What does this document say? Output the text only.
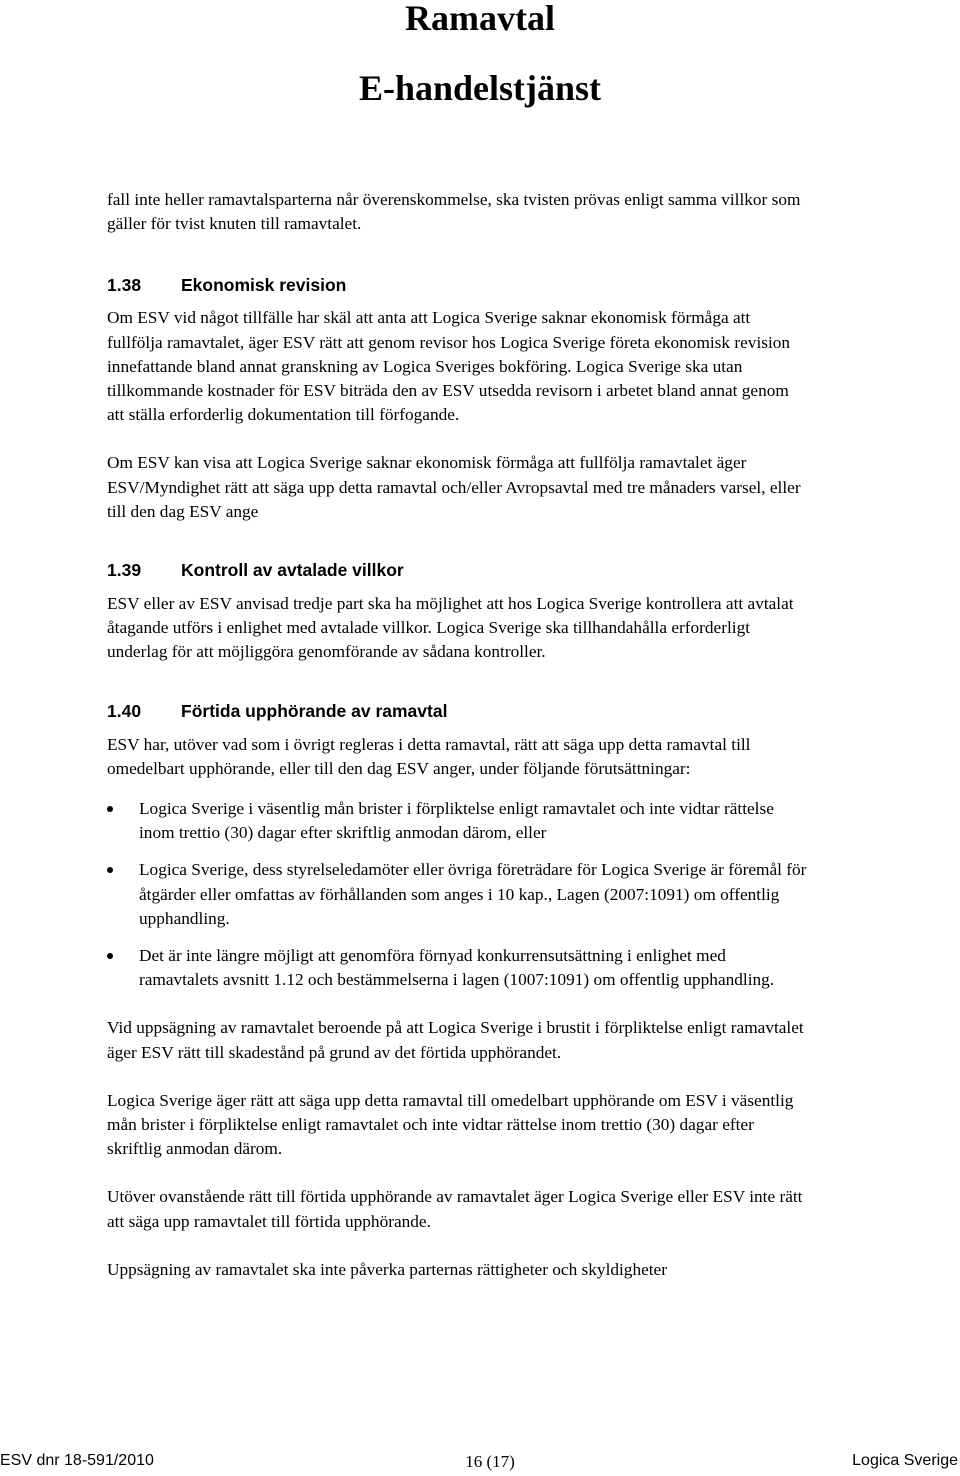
Ramavtal
E-handelstjänst

fall inte heller ramavtalsparterna når överenskommelse, ska tvisten prövas enligt samma villkor som gäller för tvist knuten till ramavtalet.

1.38	Ekonomisk revision

Om ESV vid något tillfälle har skäl att anta att Logica Sverige saknar ekonomisk förmåga att fullfölja ramavtalet, äger ESV rätt att genom revisor hos Logica Sverige företa ekonomisk revision innefattande bland annat granskning av Logica Sveriges bokföring. Logica Sverige ska utan tillkommande kostnader för ESV biträda den av ESV utsedda revisorn i arbetet bland annat genom att ställa erforderlig dokumentation till förfogande.

Om ESV kan visa att Logica Sverige saknar ekonomisk förmåga att fullfölja ramavtalet äger ESV/Myndighet rätt att säga upp detta ramavtal och/eller Avropsavtal med tre månaders varsel, eller till den dag ESV ange

1.39	Kontroll av avtalade villkor

ESV eller av ESV anvisad tredje part ska ha möjlighet att hos Logica Sverige kontrollera att avtalat åtagande utförs i enlighet med avtalade villkor. Logica Sverige ska tillhandahålla erforderligt underlag för att möjliggöra genomförande av sådana kontroller.

1.40	Förtida upphörande av ramavtal

ESV har, utöver vad som i övrigt regleras i detta ramavtal, rätt att säga upp detta ramavtal till omedelbart upphörande, eller till den dag ESV anger, under följande förutsättningar:

Logica Sverige i väsentlig mån brister i förpliktelse enligt ramavtalet och inte vidtar rättelse inom trettio (30) dagar efter skriftlig anmodan därom, eller
Logica Sverige, dess styrelseledamöter eller övriga företrädare för Logica Sverige är föremål för åtgärder eller omfattas av förhållanden som anges i 10 kap., Lagen (2007:1091) om offentlig upphandling.
Det är inte längre möjligt att genomföra förnyad konkurrensutsättning i enlighet med ramavtalets avsnitt 1.12 och bestämmelserna i lagen (1007:1091) om offentlig upphandling.

Vid uppsägning av ramavtalet beroende på att Logica Sverige i brustit i förpliktelse enligt ramavtalet äger ESV rätt till skadestånd på grund av det förtida upphörandet.

Logica Sverige äger rätt att säga upp detta ramavtal till omedelbart upphörande om ESV i väsentlig mån brister i förpliktelse enligt ramavtalet och inte vidtar rättelse inom trettio (30) dagar efter skriftlig anmodan därom.

Utöver ovanstående rätt till förtida upphörande av ramavtalet äger Logica Sverige eller ESV inte rätt att säga upp ramavtalet till förtida upphörande.

Uppsägning av ramavtalet ska inte påverka parternas rättigheter och skyldigheter

ESV dnr 18-591/2010	16 (17)	Logica Sverige
